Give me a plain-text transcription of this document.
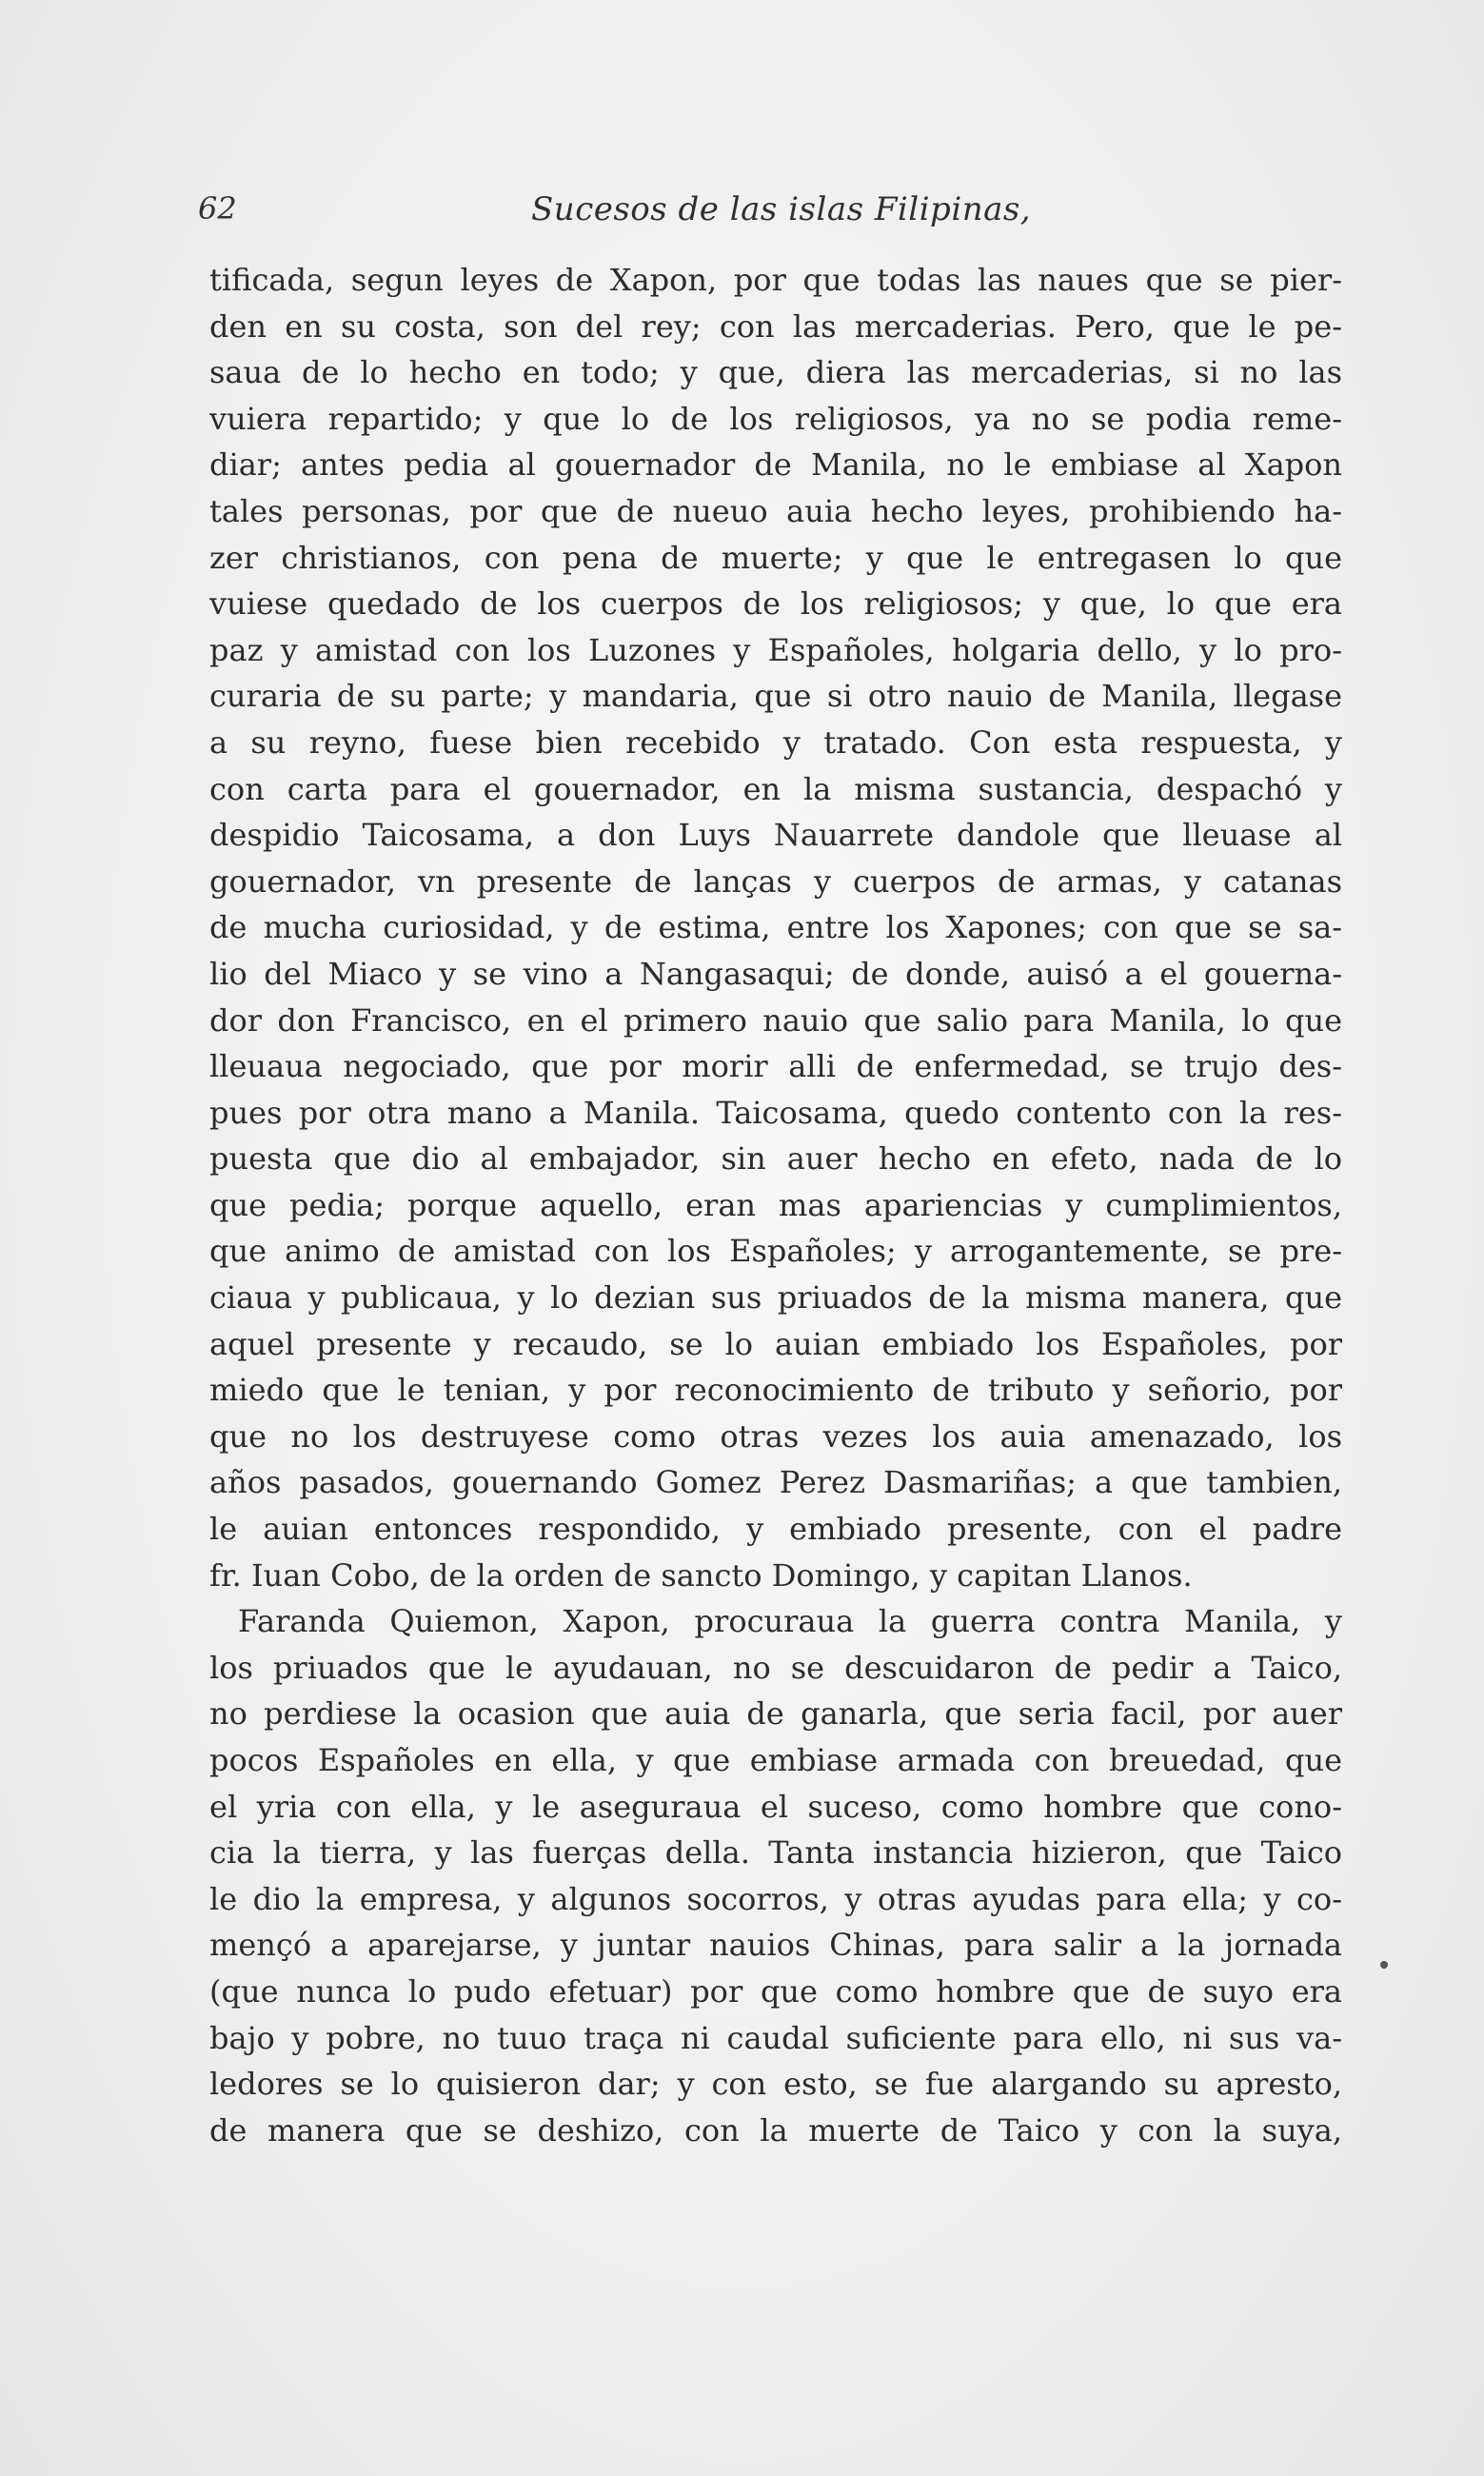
62	Sucesos de las islas Filipinas,
tificada, segun leyes de Xapon, por que todas las naues que se pier-
den en su costa, son del rey; con las mercaderias. Pero, que le pe-
saua de lo hecho en todo; y que, diera las mercaderias, si no las
vuiera repartido; y que lo de los religiosos, ya no se podia reme-
diar; antes pedia al gouernador de Manila, no le embiase al Xapon
tales personas, por que de nueuo auia hecho leyes, prohibiendo ha-
zer christianos, con pena de muerte; y que le entregasen lo que
vuiese quedado de los cuerpos de los religiosos; y que, lo que era
paz y amistad con los Luzones y Españoles, holgaria dello, y lo pro-
curaria de su parte; y mandaria, que si otro nauio de Manila, llegase
a su reyno, fuese bien recebido y tratado. Con esta respuesta, y
con carta para el gouernador, en la misma sustancia, despachó y
despidio Taicosama, a don Luys Nauarrete dandole que lleuase al
gouernador, vn presente de lanças y cuerpos de armas, y catanas
de mucha curiosidad, y de estima, entre los Xapones; con que se sa-
lio del Miaco y se vino a Nangasaqui; de donde, auisó a el gouerna-
dor don Francisco, en el primero nauio que salio para Manila, lo que
lleuaua negociado, que por morir alli de enfermedad, se trujo des-
pues por otra mano a Manila. Taicosama, quedo contento con la res-
puesta que dio al embajador, sin auer hecho en efeto, nada de lo
que pedia; porque aquello, eran mas apariencias y cumplimientos,
que animo de amistad con los Españoles; y arrogantemente, se pre-
ciaua y publicaua, y lo dezian sus priuados de la misma manera, que
aquel presente y recaudo, se lo auian embiado los Españoles, por
miedo que le tenian, y por reconocimiento de tributo y señorio, por
que no los destruyese como otras vezes los auia amenazado, los
años pasados, gouernando Gomez Perez Dasmariñas; a que tambien,
le auian entonces respondido, y embiado presente, con el padre
fr. Iuan Cobo, de la orden de sancto Domingo, y capitan Llanos.
Faranda Quiemon, Xapon, procuraua la guerra contra Manila, y
los priuados que le ayudauan, no se descuidaron de pedir a Taico,
no perdiese la ocasion que auia de ganarla, que seria facil, por auer
pocos Españoles en ella, y que embiase armada con breuedad, que
el yria con ella, y le aseguraua el suceso, como hombre que cono-
cia la tierra, y las fuerças della. Tanta instancia hizieron, que Taico
le dio la empresa, y algunos socorros, y otras ayudas para ella; y co-
mençó a aparejarse, y juntar nauios Chinas, para salir a la jornada
(que nunca lo pudo efetuar) por que como hombre que de suyo era
bajo y pobre, no tuuo traça ni caudal suficiente para ello, ni sus va-
ledores se lo quisieron dar; y con esto, se fue alargando su apresto,
de manera que se deshizo, con la muerte de Taico y con la suya,
